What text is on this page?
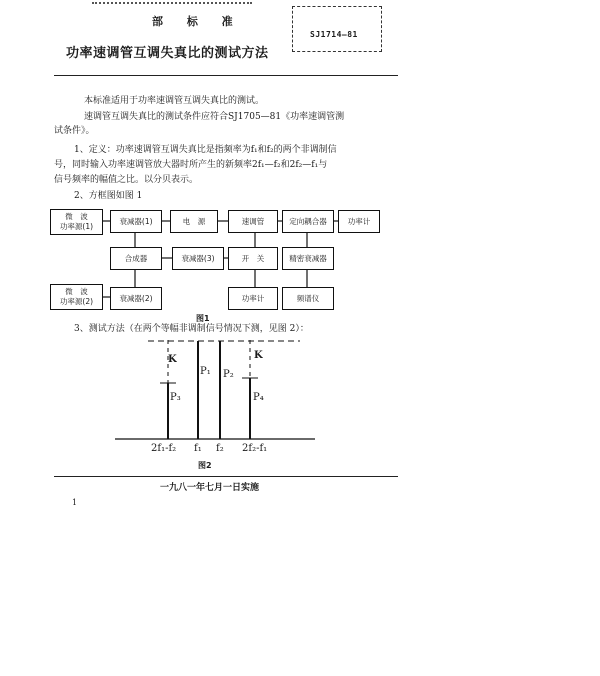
部 标 准
SJ1714—81
功率速调管互调失真比的测试方法
本标准适用于功率速调管互调失真比的测试。
速调管互调失真比的测试条件应符合SJ1705—81《功率速调管测
试条件》。
1、定义：功率速调管互调失真比是指频率为f₁和f₂的两个非调制信
号，同时输入功率速调管放大器时所产生的新频率2f₁—f₂和2f₂—f₁与
信号频率的幅值之比。以分贝表示。
2、方框图如图 1
微　波
功率源(1)
衰减器(1)	电　源	速调管	定向耦合器	功率计
合成器	衰减器(3)	开　关	精密衰减器
微　波
功率源(2)	衰减器(2)	功率计	频谱仪
图1
3、测试方法（在两个等幅非调制信号情况下测，见图 2）：
K	K
P₁ P₂
P₃	P₄
2f₁-f₂ f₁ f₂ 2f₂-f₁
图2
一九八一年七月一日实施
1
